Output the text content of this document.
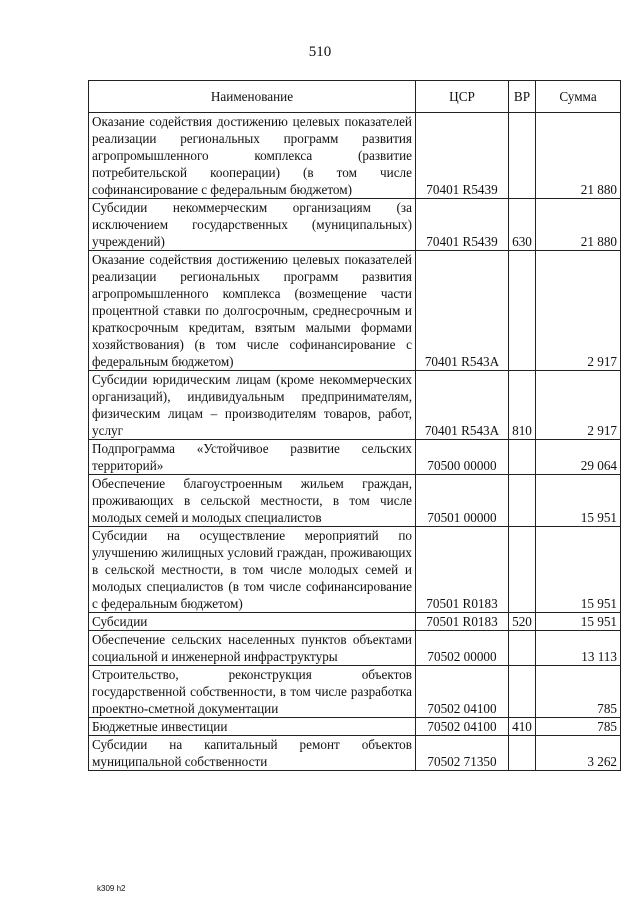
510
Наименование	ЦСР	ВР	Сумма
Оказание содействия достижению целевых показателей реализации региональных программ развития агропромышленного комплекса (развитие потребительской кооперации) (в том числе софинансирование с федеральным бюджетом)	70401 R5439		21 880
Субсидии некоммерческим организациям (за исключением государственных (муниципальных) учреждений)	70401 R5439	630	21 880
Оказание содействия достижению целевых показателей реализации региональных программ развития агропромышленного комплекса (возмещение части процентной ставки по долгосрочным, среднесрочным и краткосрочным кредитам, взятым малыми формами хозяйствования) (в том числе софинансирование с федеральным бюджетом)	70401 R543A		2 917
Субсидии юридическим лицам (кроме некоммерческих организаций), индивидуальным предпринимателям, физическим лицам – производителям товаров, работ, услуг	70401 R543A	810	2 917
Подпрограмма «Устойчивое развитие сельских территорий»	70500 00000		29 064
Обеспечение благоустроенным жильем граждан, проживающих в сельской местности, в том числе молодых семей и молодых специалистов	70501 00000		15 951
Субсидии на осуществление мероприятий по улучшению жилищных условий граждан, проживающих в сельской местности, в том числе молодых семей и молодых специалистов (в том числе софинансирование с федеральным бюджетом)	70501 R0183		15 951
Субсидии	70501 R0183	520	15 951
Обеспечение сельских населенных пунктов объектами социальной и инженерной инфраструктуры	70502 00000		13 113
Строительство, реконструкция объектов государственной собственности, в том числе разработка проектно-сметной документации	70502 04100		785
Бюджетные инвестиции	70502 04100	410	785
Субсидии на капитальный ремонт объектов муниципальной собственности	70502 71350		3 262
k309 h2
